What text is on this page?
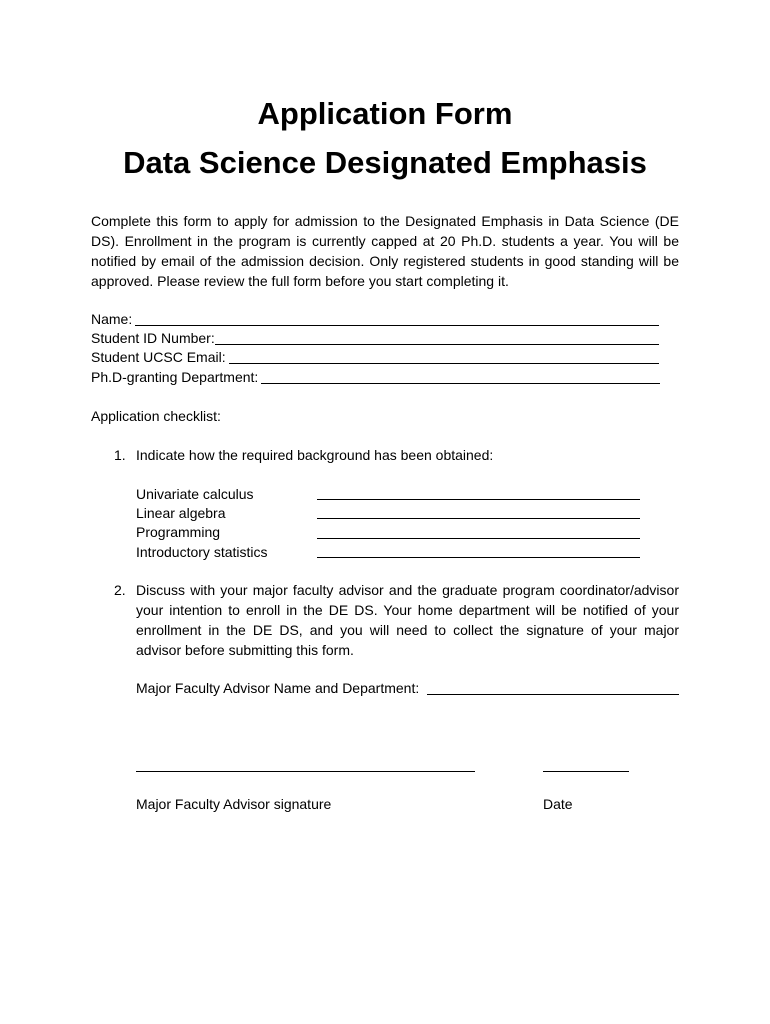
Application Form
Data Science Designated Emphasis

Complete this form to apply for admission to the Designated Emphasis in Data Science (DE DS). Enrollment in the program is currently capped at 20 Ph.D. students a year. You will be notified by email of the admission decision. Only registered students in good standing will be approved. Please review the full form before you start completing it.

Name:
Student ID Number:
Student UCSC Email:
Ph.D-granting Department:

Application checklist:

1. Indicate how the required background has been obtained:
Univariate calculus
Linear algebra
Programming
Introductory statistics
2. Discuss with your major faculty advisor and the graduate program coordinator/advisor your intention to enroll in the DE DS. Your home department will be notified of your enrollment in the DE DS, and you will need to collect the signature of your major advisor before submitting this form.

Major Faculty Advisor Name and Department:
Major Faculty Advisor signature	Date
